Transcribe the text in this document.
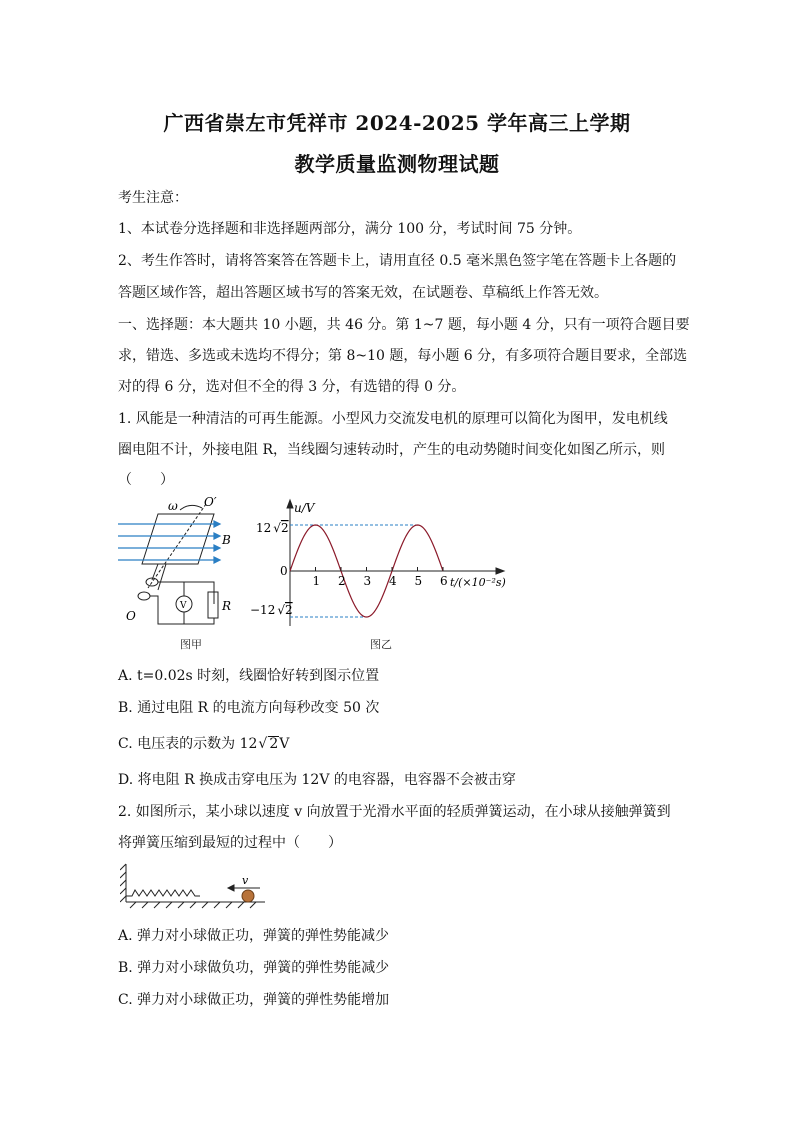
广西省崇左市凭祥市 2024-2025 学年高三上学期
教学质量监测物理试题
考生注意：
1、本试卷分选择题和非选择题两部分，满分 100 分，考试时间 75 分钟。
2、考生作答时，请将答案答在答题卡上，请用直径 0.5 毫米黑色签字笔在答题卡上各题的
答题区域作答，超出答题区域书写的答案无效，在试题卷、草稿纸上作答无效。
一、选择题：本大题共 10 小题，共 46 分。第 1~7 题，每小题 4 分，只有一项符合题目要
求，错选、多选或未选均不得分；第 8~10 题，每小题 6 分，有多项符合题目要求，全部选
对的得 6 分，选对但不全的得 3 分，有选错的得 0 分。
1. 风能是一种清洁的可再生能源。小型风力交流发电机的原理可以简化为图甲，发电机线
圈电阻不计，外接电阻 R，当线圈匀速转动时，产生的电动势随时间变化如图乙所示，则
（　　）
ω O′
B
O
R
V
图甲
1 2 3 4 5 6
u/V
t/(×10⁻²s)
0
12 √2
−12 √2
图乙
A. t=0.02s 时刻，线圈恰好转到图示位置
B. 通过电阻 R 的电流方向每秒改变 50 次
C. 电压表的示数为 12√ 2V
D. 将电阻 R 换成击穿电压为 12V 的电容器，电容器不会被击穿
2. 如图所示，某小球以速度 v 向放置于光滑水平面的轻质弹簧运动，在小球从接触弹簧到
将弹簧压缩到最短的过程中（　　）
v
A. 弹力对小球做正功，弹簧的弹性势能减少
B. 弹力对小球做负功，弹簧的弹性势能减少
C. 弹力对小球做正功，弹簧的弹性势能增加
